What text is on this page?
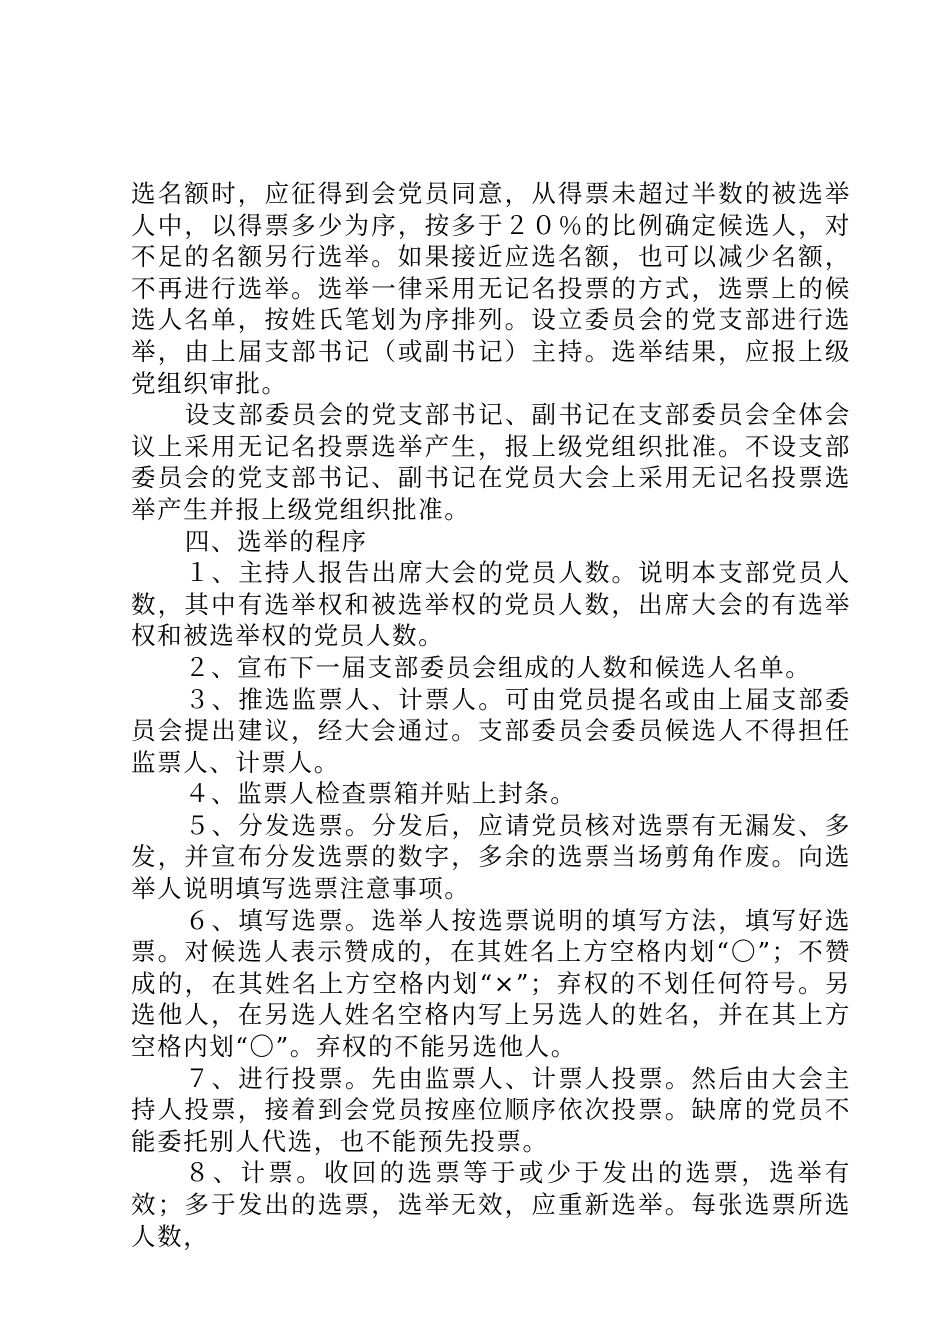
选名额时，应征得到会党员同意，从得票未超过半数的被选举人中，以得票多少为序，按多于２０％的比例确定候选人，对不足的名额另行选举。如果接近应选名额，也可以减少名额，不再进行选举。选举一律采用无记名投票的方式，选票上的候选人名单，按姓氏笔划为序排列。设立委员会的党支部进行选举，由上届支部书记（或副书记）主持。选举结果，应报上级党组织审批。

设支部委员会的党支部书记、副书记在支部委员会全体会议上采用无记名投票选举产生，报上级党组织批准。不设支部委员会的党支部书记、副书记在党员大会上采用无记名投票选举产生并报上级党组织批准。

四、选举的程序

１、主持人报告出席大会的党员人数。说明本支部党员人数，其中有选举权和被选举权的党员人数，出席大会的有选举权和被选举权的党员人数。

２、宣布下一届支部委员会组成的人数和候选人名单。

３、推选监票人、计票人。可由党员提名或由上届支部委员会提出建议，经大会通过。支部委员会委员候选人不得担任监票人、计票人。

４、监票人检查票箱并贴上封条。

５、分发选票。分发后，应请党员核对选票有无漏发、多发，并宣布分发选票的数字，多余的选票当场剪角作废。向选举人说明填写选票注意事项。

６、填写选票。选举人按选票说明的填写方法，填写好选票。对候选人表示赞成的，在其姓名上方空格内划“〇”；不赞成的，在其姓名上方空格内划“×”；弃权的不划任何符号。另选他人，在另选人姓名空格内写上另选人的姓名，并在其上方空格内划“〇”。弃权的不能另选他人。

７、进行投票。先由监票人、计票人投票。然后由大会主持人投票，接着到会党员按座位顺序依次投票。缺席的党员不能委托别人代选，也不能预先投票。

８、计票。收回的选票等于或少于发出的选票，选举有效；多于发出的选票，选举无效，应重新选举。每张选票所选人数，
